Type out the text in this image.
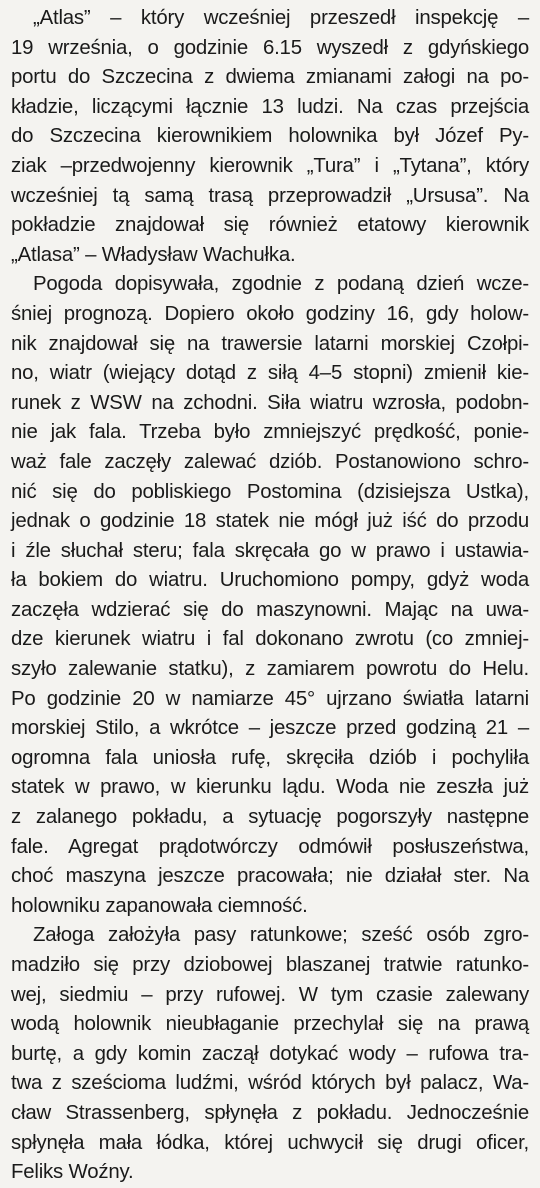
„Atlas” – który wcześniej przeszedł inspekcję –
19 września, o godzinie 6.15 wyszedł z gdyńskiego
portu do Szczecina z dwiema zmianami załogi na po-
kładzie, liczącymi łącznie 13 ludzi. Na czas przejścia
do Szczecina kierownikiem holownika był Józef Py-
ziak –przedwojenny kierownik „Tura” i „Tytana”, który
wcześniej tą samą trasą przeprowadził „Ursusa”. Na
pokładzie znajdował się również etatowy kierownik
„Atlasa” – Władysław Wachułka.
Pogoda dopisywała, zgodnie z podaną dzień wcze-
śniej prognozą. Dopiero około godziny 16, gdy holow-
nik znajdował się na trawersie latarni morskiej Czołpi-
no, wiatr (wiejący dotąd z siłą 4–5 stopni) zmienił kie-
runek z WSW na zchodni. Siła wiatru wzrosła, podobn-
nie jak fala. Trzeba było zmniejszyć prędkość, ponie-
waż fale zaczęły zalewać dziób. Postanowiono schro-
nić się do pobliskiego Postomina (dzisiejsza Ustka),
jednak o godzinie 18 statek nie mógł już iść do przodu
i źle słuchał steru; fala skręcała go w prawo i ustawia-
ła bokiem do wiatru. Uruchomiono pompy, gdyż woda
zaczęła wdzierać się do maszynowni. Mając na uwa-
dze kierunek wiatru i fal dokonano zwrotu (co zmniej-
szyło zalewanie statku), z zamiarem powrotu do Helu.
Po godzinie 20 w namiarze 45° ujrzano światła latarni
morskiej Stilo, a wkrótce – jeszcze przed godziną 21 –
ogromna fala uniosła rufę, skręciła dziób i pochyliła
statek w prawo, w kierunku lądu. Woda nie zeszła już
z zalanego pokładu, a sytuację pogorszyły następne
fale. Agregat prądotwórczy odmówił posłuszeństwa,
choć maszyna jeszcze pracowała; nie działał ster. Na
holowniku zapanowała ciemność.
Załoga założyła pasy ratunkowe; sześć osób zgro-
madziło się przy dziobowej blaszanej tratwie ratunko-
wej, siedmiu – przy rufowej. W tym czasie zalewany
wodą holownik nieubłaganie przechylał się na prawą
burtę, a gdy komin zaczął dotykać wody – rufowa tra-
twa z sześcioma ludźmi, wśród których był palacz, Wa-
cław Strassenberg, spłynęła z pokładu. Jednocześnie
spłynęła mała łódka, której uchwycił się drugi oficer,
Feliks Woźny.
